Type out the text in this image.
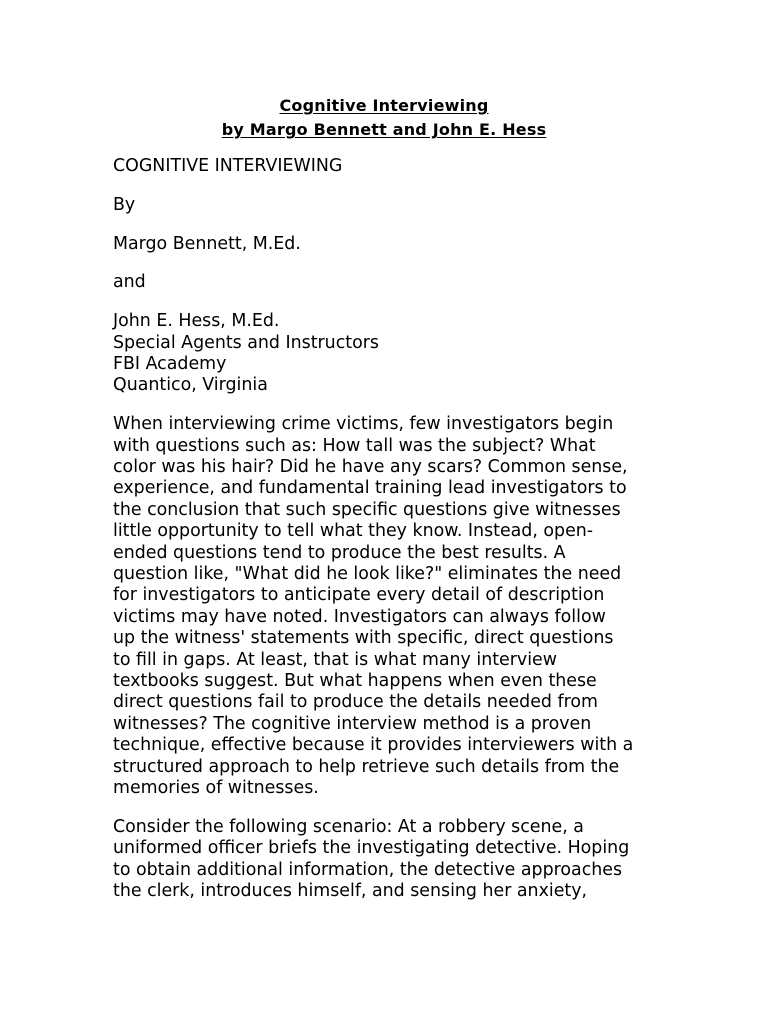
Cognitive Interviewing
by Margo Bennett and John E. Hess
COGNITIVE INTERVIEWING
By
Margo Bennett, M.Ed.
and
John E. Hess, M.Ed.
Special Agents and Instructors
FBI Academy
Quantico, Virginia
When interviewing crime victims, few investigators begin
with questions such as: How tall was the subject? What
color was his hair? Did he have any scars? Common sense,
experience, and fundamental training lead investigators to
the conclusion that such specific questions give witnesses
little opportunity to tell what they know. Instead, open-
ended questions tend to produce the best results. A
question like, "What did he look like?" eliminates the need
for investigators to anticipate every detail of description
victims may have noted. Investigators can always follow
up the witness' statements with specific, direct questions
to fill in gaps. At least, that is what many interview
textbooks suggest. But what happens when even these
direct questions fail to produce the details needed from
witnesses? The cognitive interview method is a proven
technique, effective because it provides interviewers with a
structured approach to help retrieve such details from the
memories of witnesses.
Consider the following scenario: At a robbery scene, a
uniformed officer briefs the investigating detective. Hoping
to obtain additional information, the detective approaches
the clerk, introduces himself, and sensing her anxiety,
